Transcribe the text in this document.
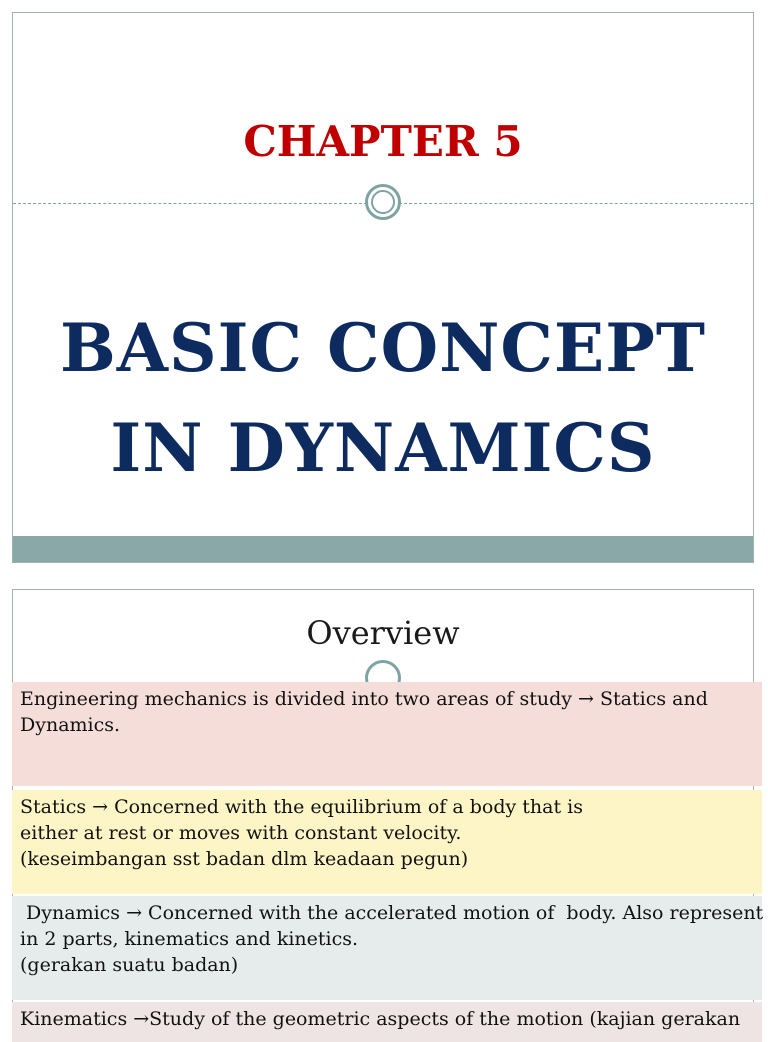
CHAPTER 5
BASIC CONCEPT
IN DYNAMICS
Overview
Engineering mechanics is divided into two areas of study → Statics and
Dynamics.
Statics → Concerned with the equilibrium of a body that is
either at rest or moves with constant velocity.
(keseimbangan sst badan dlm keadaan pegun)
Dynamics → Concerned with the accelerated motion of  body. Also represent
in 2 parts, kinematics and kinetics.
(gerakan suatu badan)
Kinematics →Study of the geometric aspects of the motion (kajian gerakan
